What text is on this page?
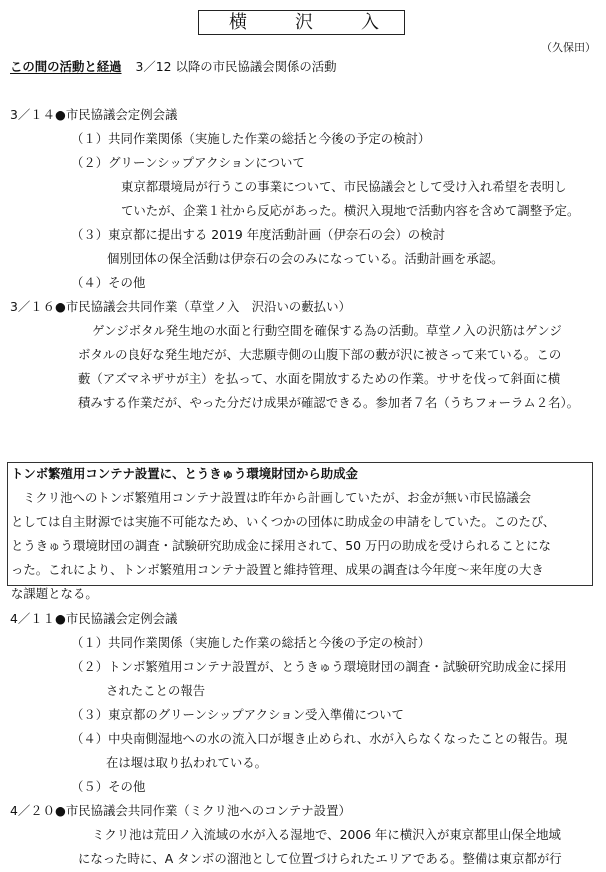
横	沢	入
（久保田）
この間の活動と経過 3／12 以降の市民協議会関係の活動
3／１４●市民協議会定例会議
（１）共同作業関係（実施した作業の総括と今後の予定の検討）
（２）グリーンシップアクションについて
東京都環境局が行うこの事業について、市民協議会として受け入れ希望を表明し
ていたが、企業１社から反応があった。横沢入現地で活動内容を含めて調整予定。
（３）東京都に提出する 2019 年度活動計画（伊奈石の会）の検討
個別団体の保全活動は伊奈石の会のみになっている。活動計画を承認。
（４）その他
3／１６●市民協議会共同作業（草堂ノ入　沢沿いの藪払い）
ゲンジボタル発生地の水面と行動空間を確保する為の活動。草堂ノ入の沢筋はゲンジ
ボタルの良好な発生地だが、大悲願寺側の山腹下部の藪が沢に被さって来ている。この
藪（アズマネザサが主）を払って、水面を開放するための作業。ササを伐って斜面に横
積みする作業だが、やった分だけ成果が確認できる。参加者７名（うちフォーラム２名）。
トンボ繁殖用コンテナ設置に、とうきゅう環境財団から助成金
ミクリ池へのトンボ繁殖用コンテナ設置は昨年から計画していたが、お金が無い市民協議会
としては自主財源では実施不可能なため、いくつかの団体に助成金の申請をしていた。このたび、
とうきゅう環境財団の調査・試験研究助成金に採用されて、50 万円の助成を受けられることにな
った。これにより、トンボ繁殖用コンテナ設置と維持管理、成果の調査は今年度～来年度の大き
な課題となる。
4／１１●市民協議会定例会議
（１）共同作業関係（実施した作業の総括と今後の予定の検討）
（２）トンボ繁殖用コンテナ設置が、とうきゅう環境財団の調査・試験研究助成金に採用
されたことの報告
（３）東京都のグリーンシップアクション受入準備について
（４）中央南側湿地への水の流入口が堰き止められ、水が入らなくなったことの報告。現
在は堰は取り払われている。
（５）その他
4／２０●市民協議会共同作業（ミクリ池へのコンテナ設置）
ミクリ池は荒田ノ入流域の水が入る湿地で、2006 年に横沢入が東京都里山保全地域
になった時に、A タンボの溜池として位置づけられたエリアである。整備は東京都が行
